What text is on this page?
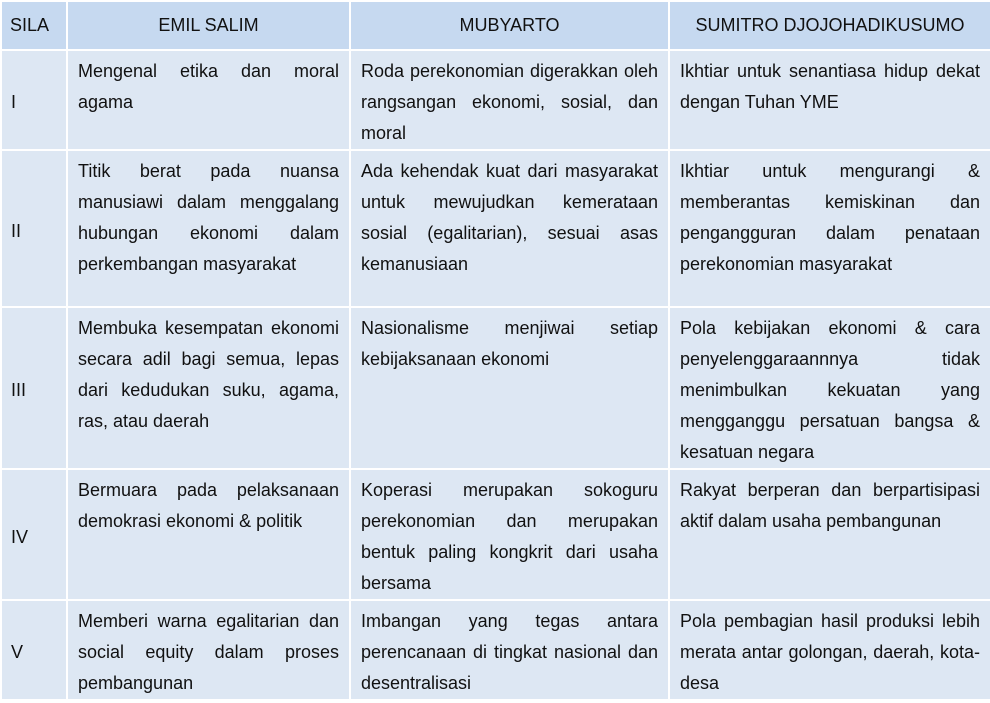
SILA	EMIL SALIM	MUBYARTO	SUMITRO DJOJOHADIKUSUMO
I	Mengenal etika dan moral agama	Roda perekonomian digerakkan oleh rangsangan ekonomi, sosial, dan moral	Ikhtiar untuk senantiasa hidup dekat dengan Tuhan YME
II	Titik berat pada nuansa manusiawi dalam menggalang hubungan ekonomi dalam perkembangan masyarakat	Ada kehendak kuat dari masyarakat untuk mewujudkan kemerataan sosial (egalitarian), sesuai asas kemanusiaan	Ikhtiar untuk mengurangi & memberantas kemiskinan dan pengangguran dalam penataan perekonomian masyarakat
III	Membuka kesempatan ekonomi secara adil bagi semua, lepas dari kedudukan suku, agama, ras, atau daerah	Nasionalisme menjiwai setiap kebijaksanaan ekonomi	Pola kebijakan ekonomi & cara penyelenggaraannnya tidak menimbulkan kekuatan yang mengganggu persatuan bangsa & kesatuan negara
IV	Bermuara pada pelaksanaan demokrasi ekonomi & politik	Koperasi merupakan sokoguru perekonomian dan merupakan bentuk paling kongkrit dari usaha bersama	Rakyat berperan dan berpartisipasi aktif dalam usaha pembangunan
V	Memberi warna egalitarian dan social equity dalam proses pembangunan	Imbangan yang tegas antara perencanaan di tingkat nasional dan desentralisasi	Pola pembagian hasil produksi lebih merata antar golongan, daerah, kota-desa
